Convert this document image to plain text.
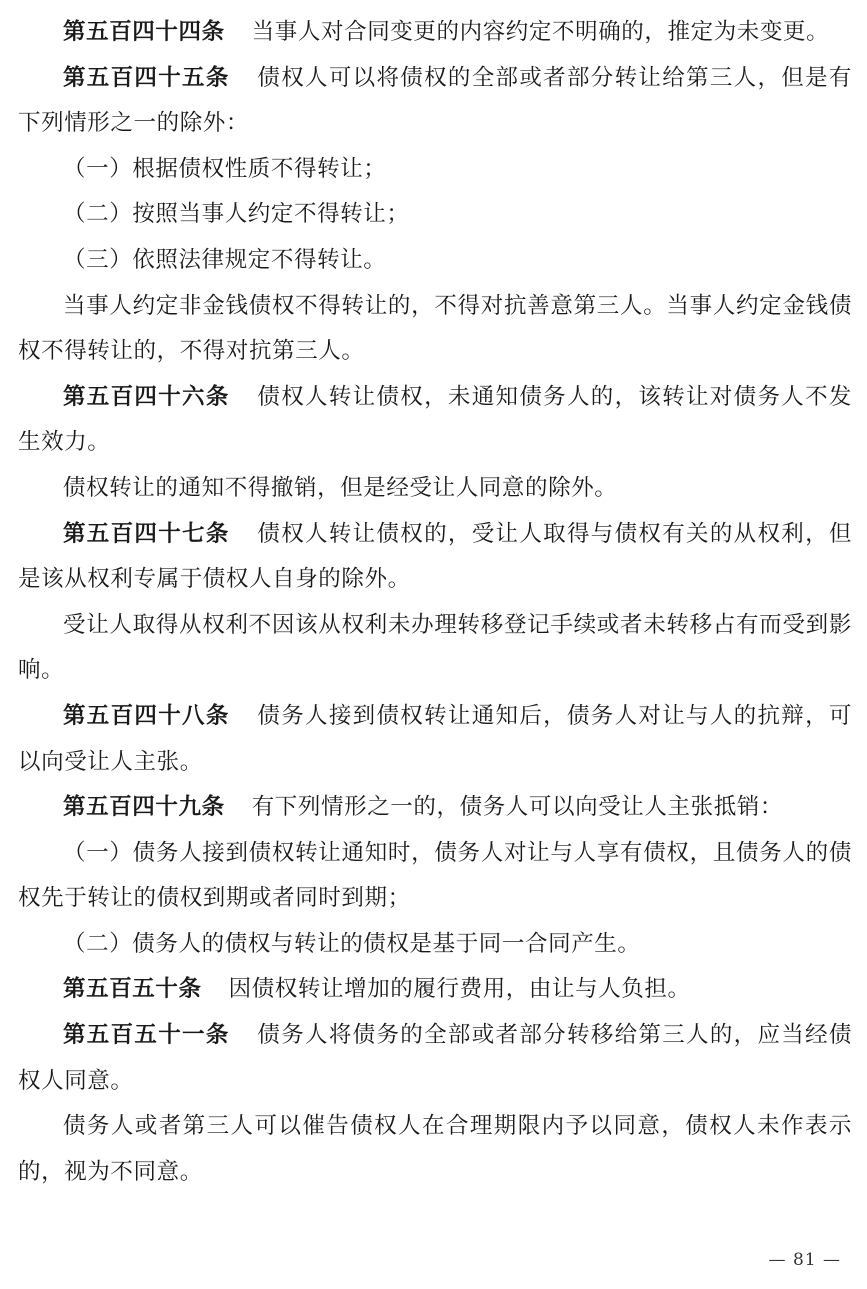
第五百四十四条 当事人对合同变更的内容约定不明确的，推定为未变更。

第五百四十五条 债权人可以将债权的全部或者部分转让给第三人，但是有下列情形之一的除外：

（一）根据债权性质不得转让；

（二）按照当事人约定不得转让；

（三）依照法律规定不得转让。

当事人约定非金钱债权不得转让的，不得对抗善意第三人。当事人约定金钱债权不得转让的，不得对抗第三人。

第五百四十六条 债权人转让债权，未通知债务人的，该转让对债务人不发生效力。

债权转让的通知不得撤销，但是经受让人同意的除外。

第五百四十七条 债权人转让债权的，受让人取得与债权有关的从权利，但是该从权利专属于债权人自身的除外。

受让人取得从权利不因该从权利未办理转移登记手续或者未转移占有而受到影响。

第五百四十八条 债务人接到债权转让通知后，债务人对让与人的抗辩，可以向受让人主张。

第五百四十九条 有下列情形之一的，债务人可以向受让人主张抵销：

（一）债务人接到债权转让通知时，债务人对让与人享有债权，且债务人的债权先于转让的债权到期或者同时到期；

（二）债务人的债权与转让的债权是基于同一合同产生。

第五百五十条 因债权转让增加的履行费用，由让与人负担。

第五百五十一条 债务人将债务的全部或者部分转移给第三人的，应当经债权人同意。

债务人或者第三人可以催告债权人在合理期限内予以同意，债权人未作表示的，视为不同意。

— 81 —
